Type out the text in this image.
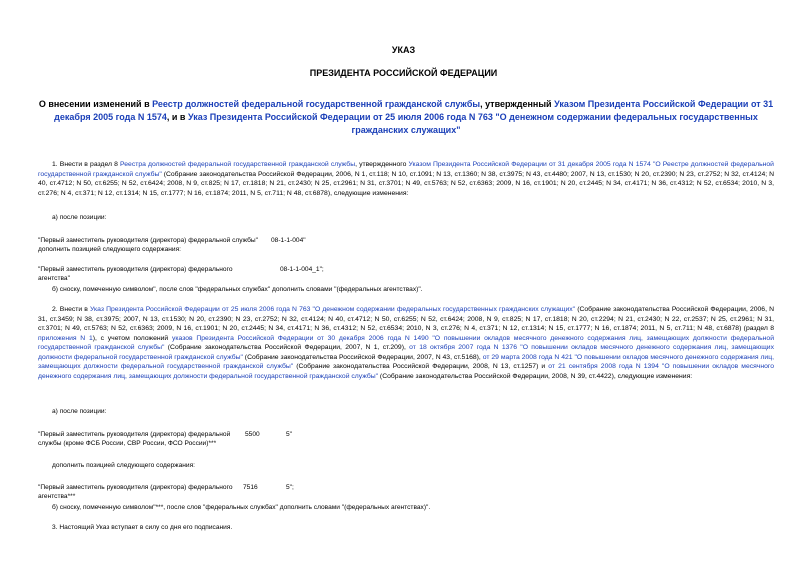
УКАЗ
ПРЕЗИДЕНТА РОССИЙСКОЙ ФЕДЕРАЦИИ
О внесении изменений в Реестр должностей федеральной государственной гражданской службы, утвержденный Указом Президента Российской Федерации от 31 декабря 2005 года N 1574, и в Указ Президента Российской Федерации от 25 июля 2006 года N 763 "О денежном содержании федеральных государственных гражданских служащих"
1. Внести в раздел 8 Реестра должностей федеральной государственной гражданской службы, утвержденного Указом Президента Российской Федерации от 31 декабря 2005 года N 1574 "О Реестре должностей федеральной государственной гражданской службы" (Собрание законодательства Российской Федерации, 2006, N 1, ст.118; N 10, ст.1091; N 13, ст.1360; N 38, ст.3975; N 43, ст.4480; 2007, N 13, ст.1530; N 20, ст.2390; N 23, ст.2752; N 32, ст.4124; N 40, ст.4712; N 50, ст.6255; N 52, ст.6424; 2008, N 9, ст.825; N 17, ст.1818; N 21, ст.2430; N 25, ст.2961; N 31, ст.3701; N 49, ст.5763; N 52, ст.6363; 2009, N 16, ст.1901; N 20, ст.2445; N 34, ст.4171; N 36, ст.4312; N 52, ст.6534; 2010, N 3, ст.276; N 4, ст.371; N 12, ст.1314; N 15, ст.1777; N 16, ст.1874; 2011, N 5, ст.711; N 48, ст.6878), следующие изменения:
а) после позиции:
"Первый заместитель руководителя (директора) федеральной службы" 08-1-1-004"
дополнить позицией следующего содержания:
"Первый заместитель руководителя (директора) федерального
агентства"
08-1-1-004_1";
б) сноску, помеченную символом", после слов "федеральных службах" дополнить словами "(федеральных агентствах)".
2. Внести в Указ Президента Российской Федерации от 25 июля 2006 года N 763 "О денежном содержании федеральных государственных гражданских служащих" (Собрание законодательства Российской Федерации, 2006, N 31, ст.3459; N 38, ст.3975; 2007, N 13, ст.1530; N 20, ст.2390; N 23, ст.2752; N 32, ст.4124; N 40, ст.4712; N 50, ст.6255; N 52, ст.6424; 2008, N 9, ст.825; N 17, ст.1818; N 20, ст.2294; N 21, ст.2430; N 22, ст.2537; N 25, ст.2961; N 31, ст.3701; N 49, ст.5763; N 52, ст.6363; 2009, N 16, ст.1901; N 20, ст.2445; N 34, ст.4171; N 36, ст.4312; N 52, ст.6534; 2010, N 3, ст.276; N 4, ст.371; N 12, ст.1314; N 15, ст.1777; N 16, ст.1874; 2011, N 5, ст.711; N 48, ст.6878) (раздел 8 приложения N 1), с учетом положений указов Президента Российской Федерации от 30 декабря 2006 года N 1490 "О повышении окладов месячного денежного содержания лиц, замещающих должности федеральной государственной гражданской службы" (Собрание законодательства Российской Федерации, 2007, N 1, ст.209), от 18 октября 2007 года N 1376 "О повышении окладов месячного денежного содержания лиц, замещающих должности федеральной государственной гражданской службы" (Собрание законодательства Российской Федерации, 2007, N 43, ст.5168), от 29 марта 2008 года N 421 "О повышении окладов месячного денежного содержания лиц, замещающих должности федеральной государственной гражданской службы" (Собрание законодательства Российской Федерации, 2008, N 13, ст.1257) и от 21 сентября 2008 года N 1394 "О повышении окладов месячного денежного содержания лиц, замещающих должности федеральной государственной гражданской службы" (Собрание законодательства Российской Федерации, 2008, N 39, ст.4422), следующие изменения:
а) после позиции:
"Первый заместитель руководителя (директора) федеральной
службы (кроме ФСБ России, СВР России, ФСО России)***
5500	5"
дополнить позицией следующего содержания:
"Первый заместитель руководителя (директора) федерального
агентства***
7516	5";
б) сноску, помеченную символом"***, после слов "федеральных службах" дополнить словами "(федеральных агентствах)".
3. Настоящий Указ вступает в силу со дня его подписания.
